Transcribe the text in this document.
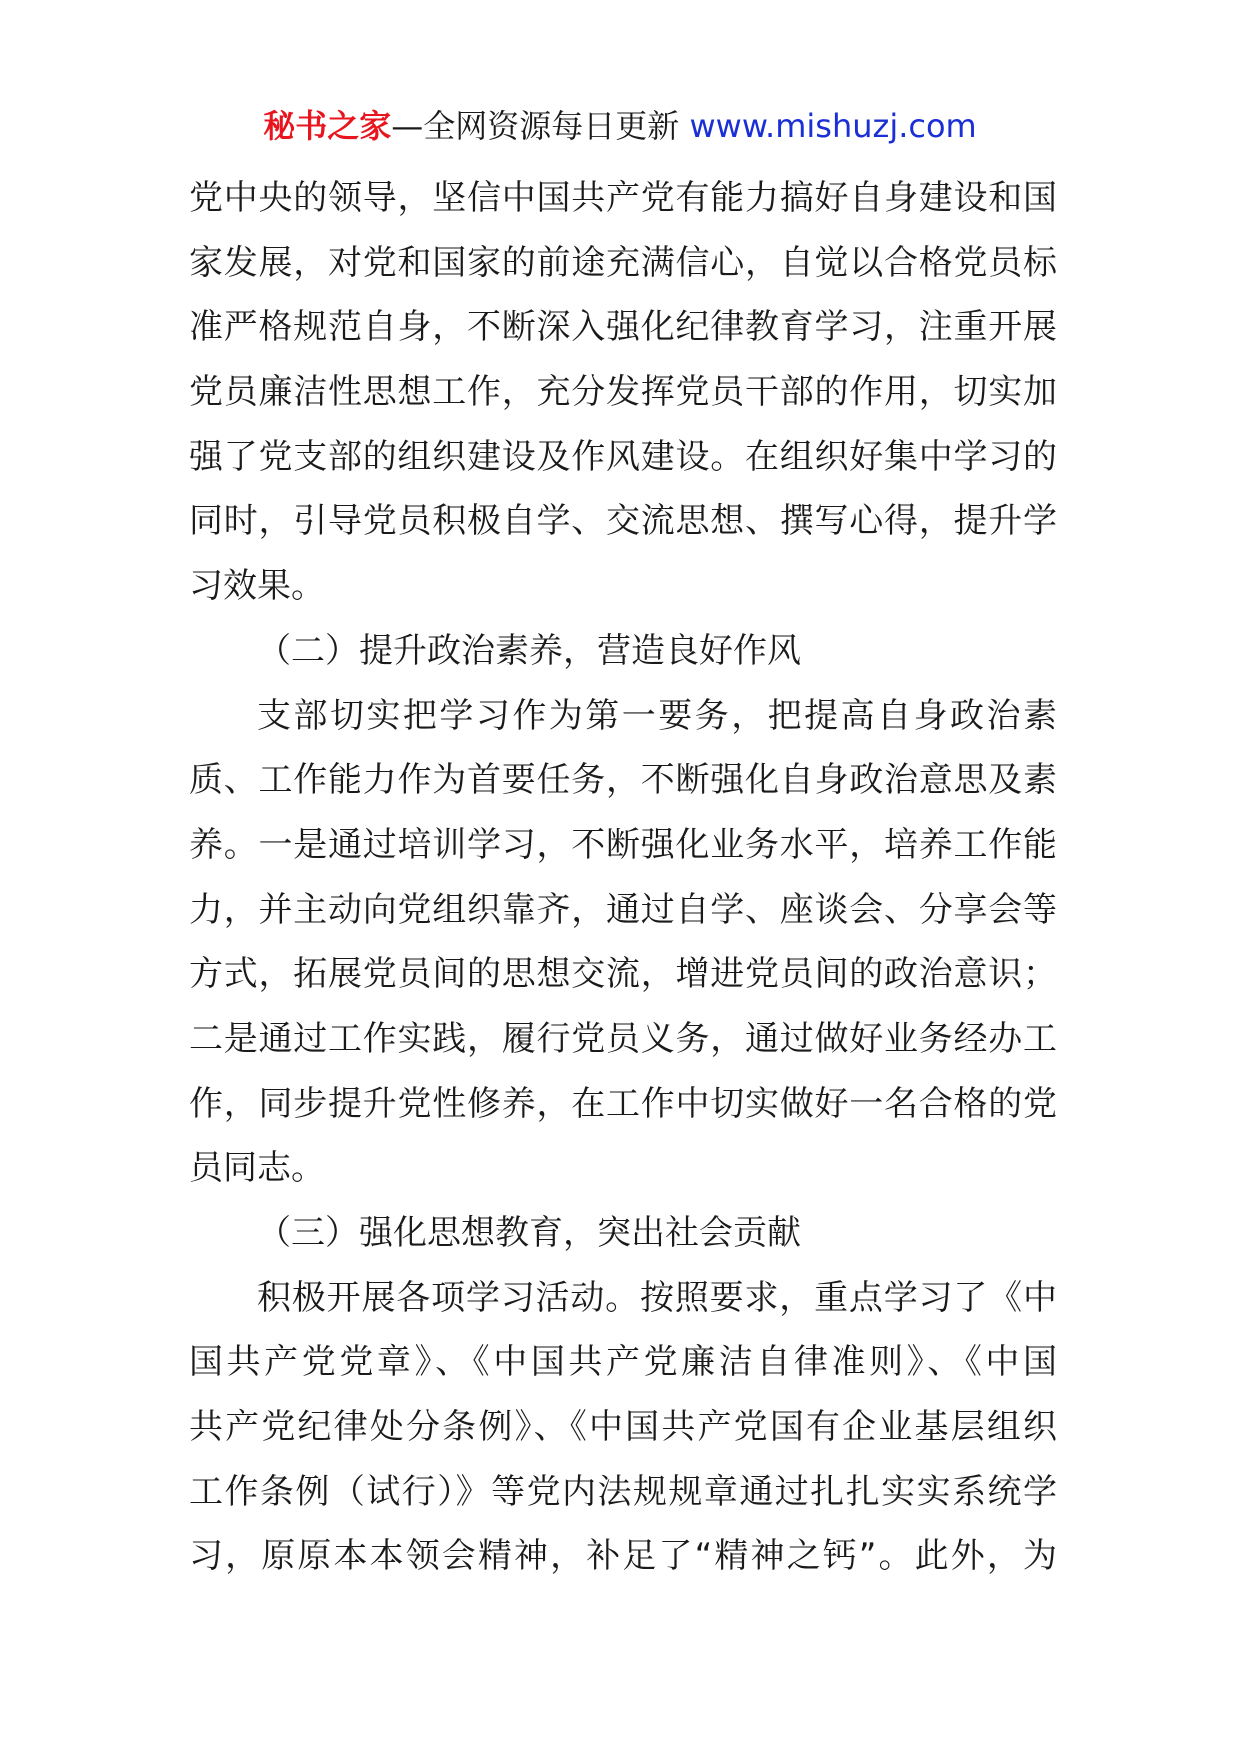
秘书之家—全网资源每日更新 www.mishuzj.com
党中央的领导，坚信中国共产党有能力搞好自身建设和国
家发展，对党和国家的前途充满信心，自觉以合格党员标
准严格规范自身，不断深入强化纪律教育学习，注重开展
党员廉洁性思想工作，充分发挥党员干部的作用，切实加
强了党支部的组织建设及作风建设。在组织好集中学习的
同时，引导党员积极自学、交流思想、撰写心得，提升学
习效果。
（二）提升政治素养，营造良好作风
支部切实把学习作为第一要务，把提高自身政治素
质、工作能力作为首要任务，不断强化自身政治意思及素
养。一是通过培训学习，不断强化业务水平，培养工作能
力，并主动向党组织靠齐，通过自学、座谈会、分享会等
方式，拓展党员间的思想交流，增进党员间的政治意识；
二是通过工作实践，履行党员义务，通过做好业务经办工
作，同步提升党性修养，在工作中切实做好一名合格的党
员同志。
（三）强化思想教育，突出社会贡献
积极开展各项学习活动。按照要求，重点学习了《中
国共产党党章》、《中国共产党廉洁自律准则》、《中国
共产党纪律处分条例》、《中国共产党国有企业基层组织
工作条例（试行）》等党内法规规章通过扎扎实实系统学
习，原原本本领会精神，补足了“精神之钙”。此外，为
